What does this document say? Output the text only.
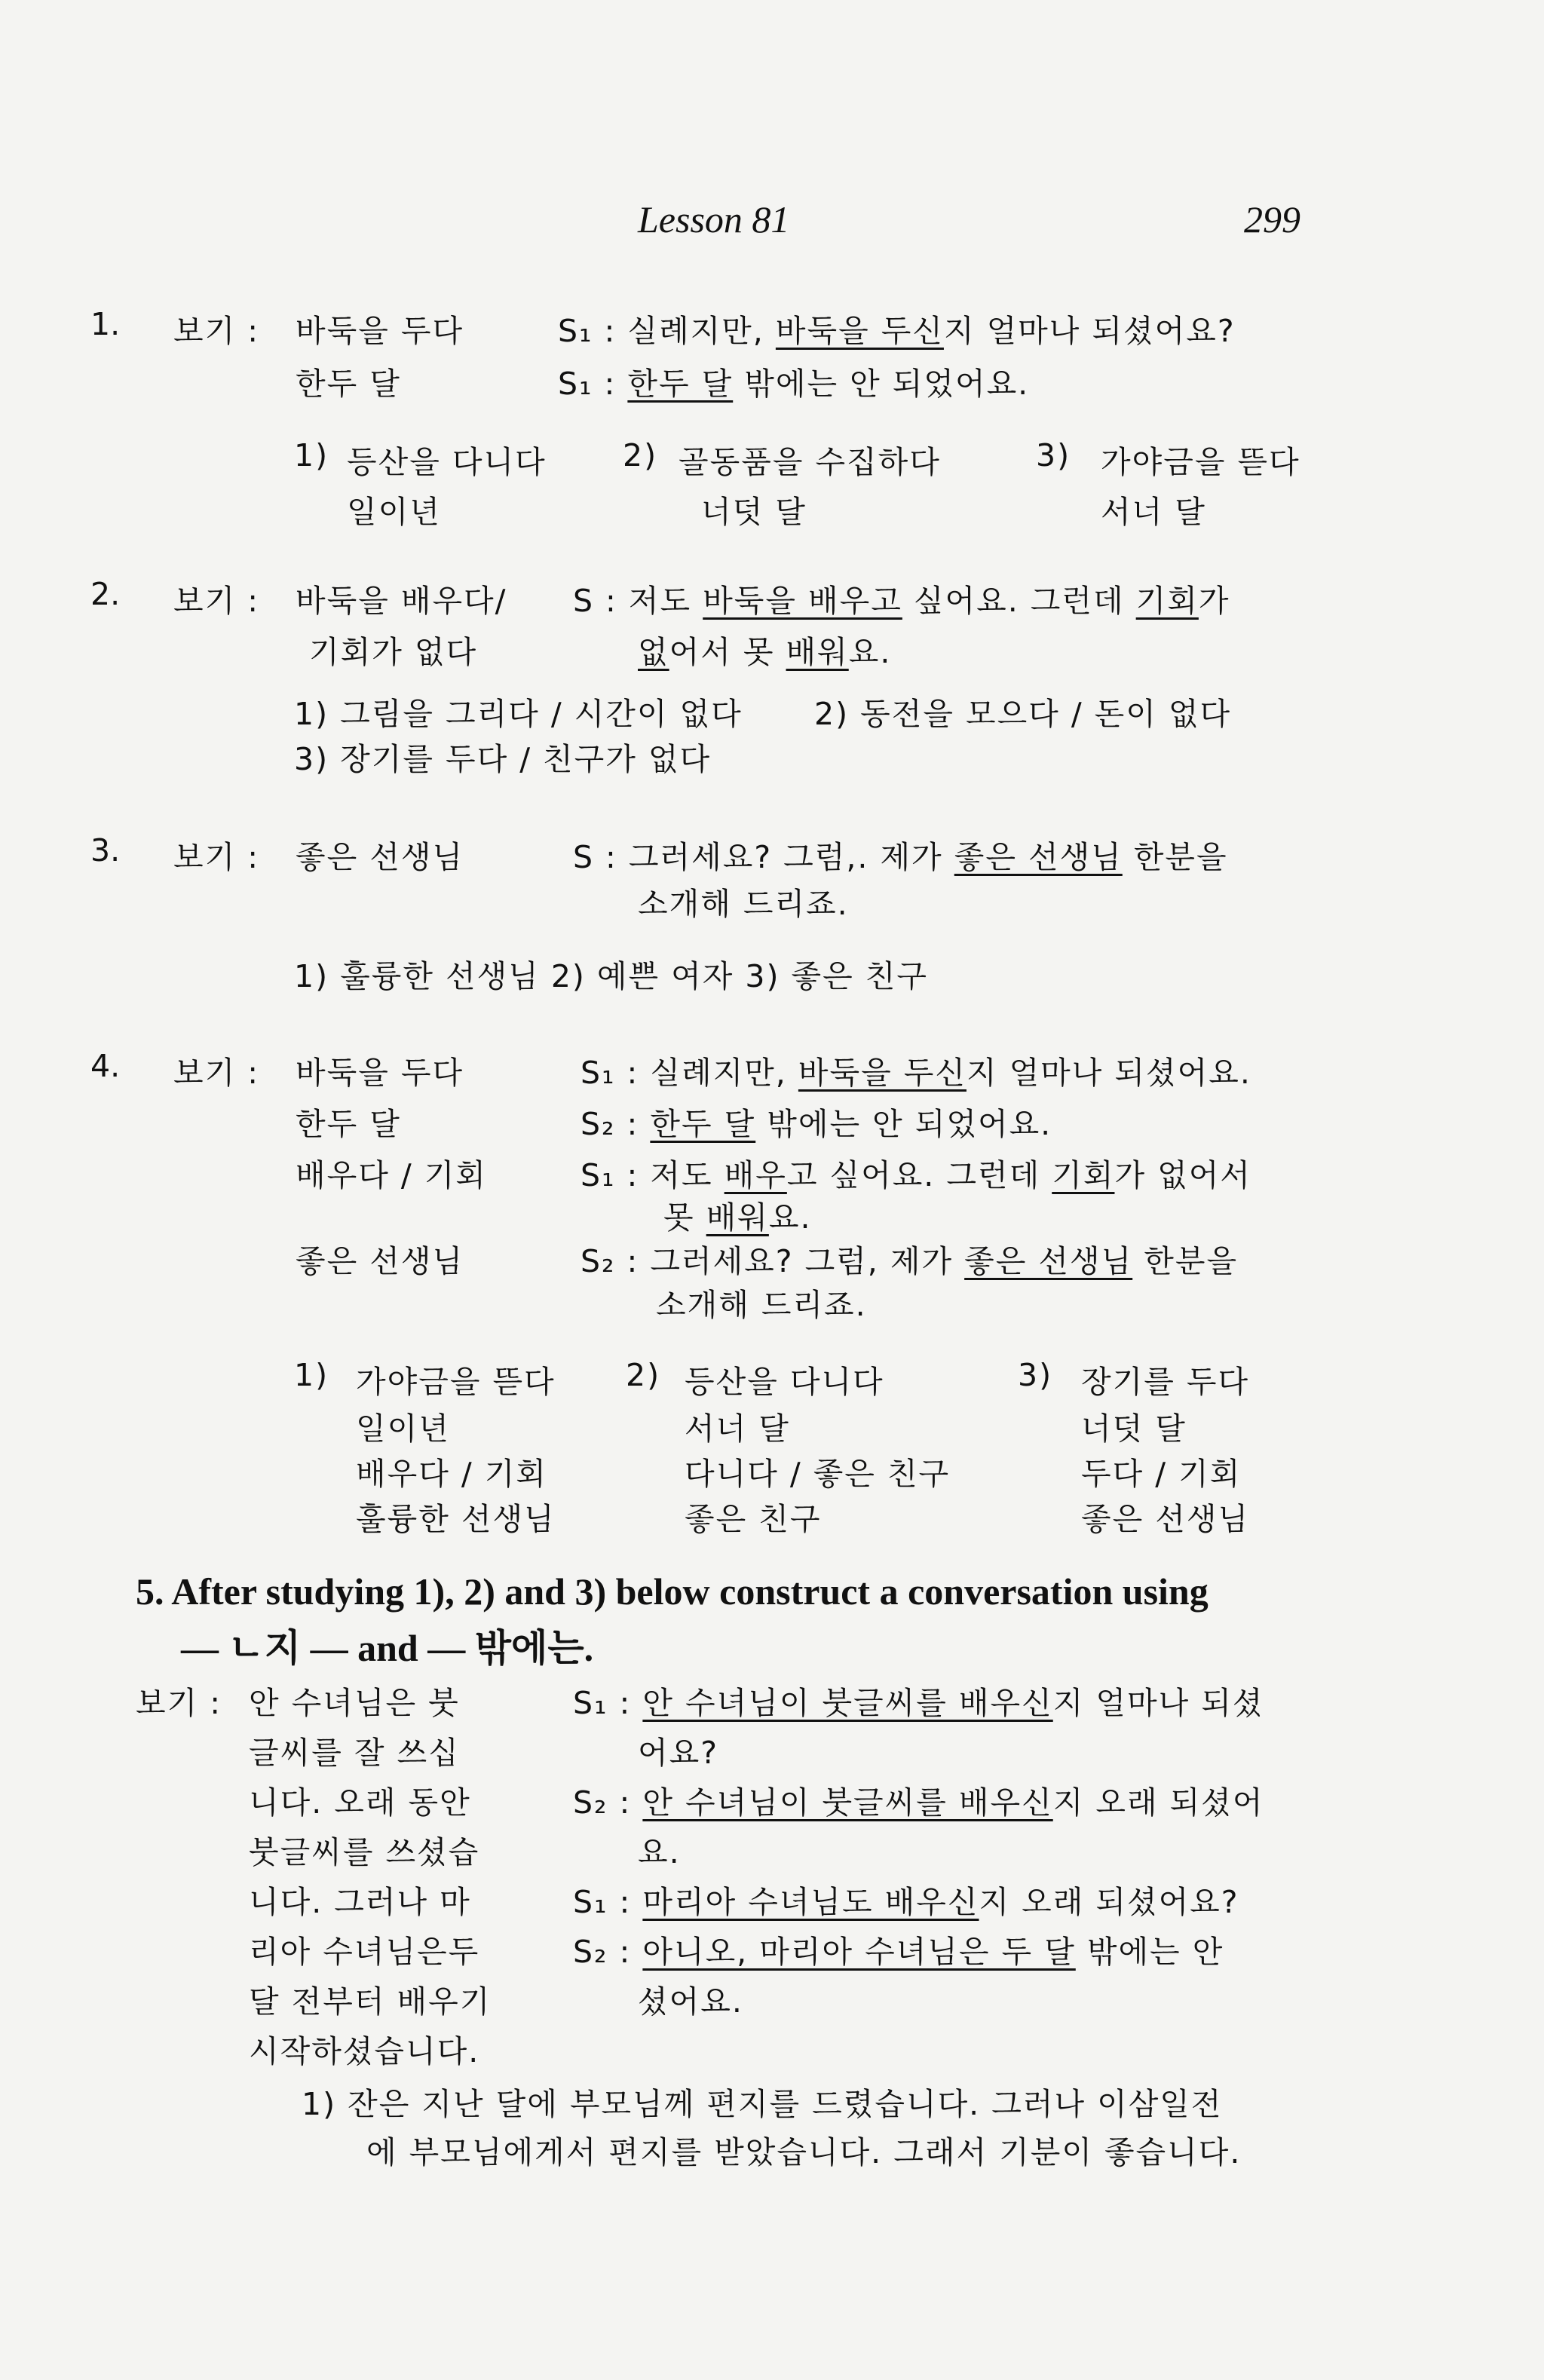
Lesson 81	299
1. 보기 : 바둑을 두다
한두 달
S₁ : 실례지만, 바둑을 두신지 얼마나 되셨어요?
S₁ : 한두 달 밖에는 안 되었어요.
1) 등산을 다니다
일이년
2) 골동품을 수집하다
너덧 달
3) 가야금을 뜯다
서너 달
2. 보기 : 바둑을 배우다/
기회가 없다
S : 저도 바둑을 배우고 싶어요. 그런데 기회가
없어서 못 배워요.
1) 그림을 그리다 / 시간이 없다 2) 동전을 모으다 / 돈이 없다
3) 장기를 두다 / 친구가 없다
3. 보기 : 좋은 선생님	S : 그러세요? 그럼,. 제가 좋은 선생님 한분을
소개해 드리죠.
1) 훌륭한 선생님 2) 예쁜 여자 3) 좋은 친구
4. 보기 : 바둑을 두다
한두 달
배우다 / 기회
좋은 선생님
S₁ : 실례지만, 바둑을 두신지 얼마나 되셨어요.
S₂ : 한두 달 밖에는 안 되었어요.
S₁ : 저도 배우고 싶어요. 그런데 기회가 없어서
못 배워요.
S₂ : 그러세요? 그럼, 제가 좋은 선생님 한분을
소개해 드리죠.
1) 가야금을 뜯다
일이년
배우다 / 기회
훌륭한 선생님
2) 등산을 다니다
서너 달
다니다 / 좋은 친구
좋은 친구
3) 장기를 두다
너덧 달
두다 / 기회
좋은 선생님
5. After studying 1), 2) and 3) below construct a conversation using
— ㄴ지 — and — 밖에는.
보기 : 안 수녀님은 붓
글씨를 잘 쓰십
니다. 오래 동안
붓글씨를 쓰셨습
니다. 그러나 마
리아 수녀님은두
달 전부터 배우기
시작하셨습니다.
S₁ : 안 수녀님이 붓글씨를 배우신지 얼마나 되셨
어요?
S₂ : 안 수녀님이 붓글씨를 배우신지 오래 되셨어
요.
S₁ : 마리아 수녀님도 배우신지 오래 되셨어요?
S₂ : 아니오, 마리아 수녀님은 두 달 밖에는 안
셨어요.
1) 잔은 지난 달에 부모님께 편지를 드렸습니다. 그러나 이삼일전
에 부모님에게서 편지를 받았습니다. 그래서 기분이 좋습니다.
